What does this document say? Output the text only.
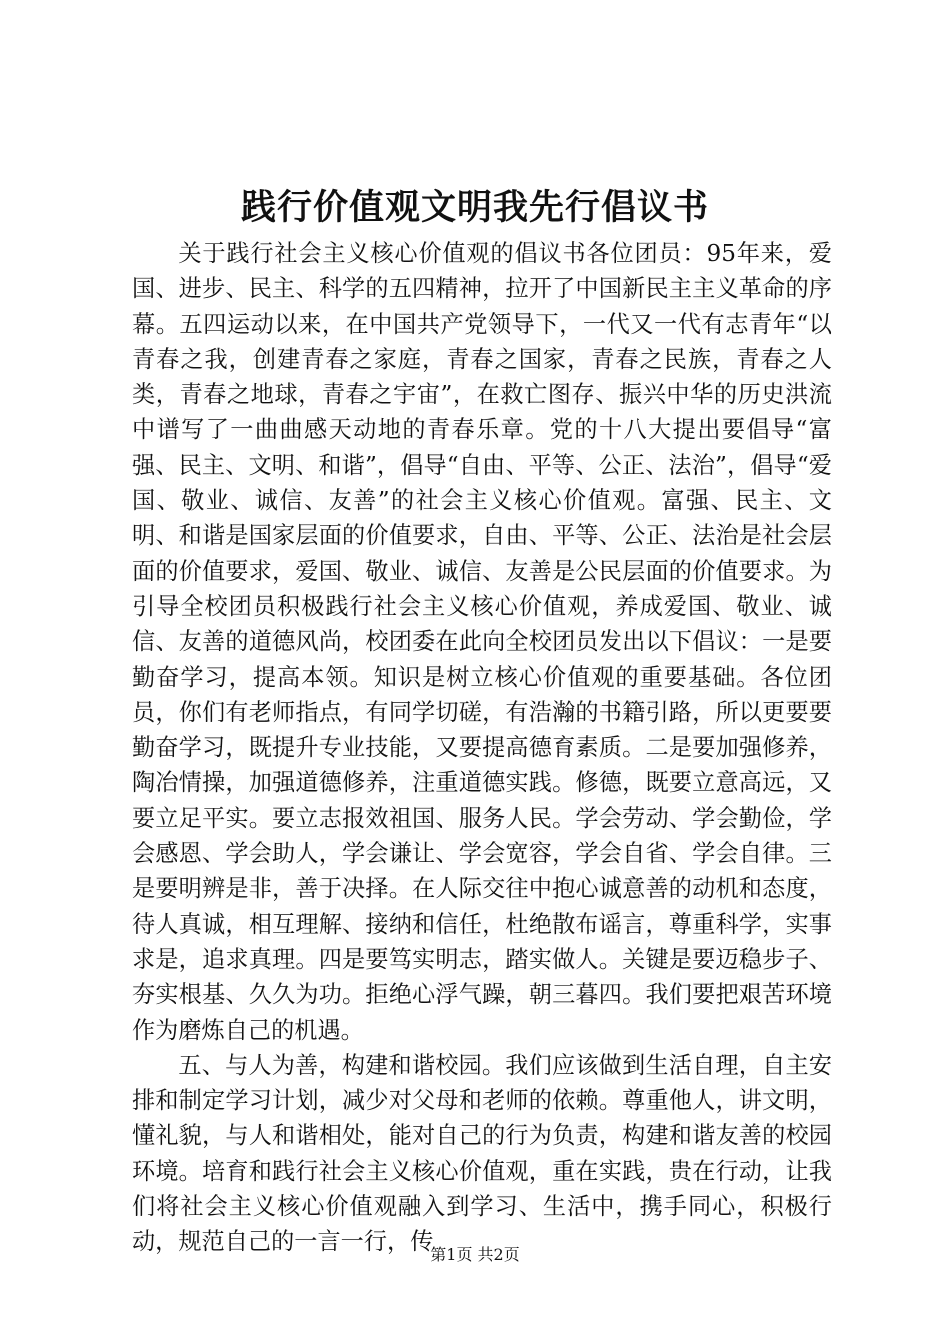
践行价值观文明我先行倡议书

关于践行社会主义核心价值观的倡议书各位团员：95年来，爱国、进步、民主、科学的五四精神，拉开了中国新民主主义革命的序幕。五四运动以来，在中国共产党领导下，一代又一代有志青年“以青春之我，创建青春之家庭，青春之国家，青春之民族，青春之人类，青春之地球，青春之宇宙”，在救亡图存、振兴中华的历史洪流中谱写了一曲曲感天动地的青春乐章。党的十八大提出要倡导“富强、民主、文明、和谐”，倡导“自由、平等、公正、法治”，倡导“爱国、敬业、诚信、友善”的社会主义核心价值观。富强、民主、文明、和谐是国家层面的价值要求，自由、平等、公正、法治是社会层面的价值要求，爱国、敬业、诚信、友善是公民层面的价值要求。为引导全校团员积极践行社会主义核心价值观，养成爱国、敬业、诚信、友善的道德风尚，校团委在此向全校团员发出以下倡议：一是要勤奋学习，提高本领。知识是树立核心价值观的重要基础。各位团员，你们有老师指点，有同学切磋，有浩瀚的书籍引路，所以更要要勤奋学习，既提升专业技能，又要提高德育素质。二是要加强修养，陶冶情操，加强道德修养，注重道德实践。修德，既要立意高远，又要立足平实。要立志报效祖国、服务人民。学会劳动、学会勤俭，学会感恩、学会助人，学会谦让、学会宽容，学会自省、学会自律。三是要明辨是非，善于决择。在人际交往中抱心诚意善的动机和态度，待人真诚，相互理解、接纳和信任，杜绝散布谣言，尊重科学，实事求是，追求真理。四是要笃实明志，踏实做人。关键是要迈稳步子、夯实根基、久久为功。拒绝心浮气躁，朝三暮四。我们要把艰苦环境作为磨炼自己的机遇。

五、与人为善，构建和谐校园。我们应该做到生活自理，自主安排和制定学习计划，减少对父母和老师的依赖。尊重他人，讲文明，懂礼貌，与人和谐相处，能对自己的行为负责，构建和谐友善的校园环境。培育和践行社会主义核心价值观，重在实践，贵在行动，让我们将社会主义核心价值观融入到学习、生活中，携手同心，积极行动，规范自己的一言一行，传

第1页 共2页
